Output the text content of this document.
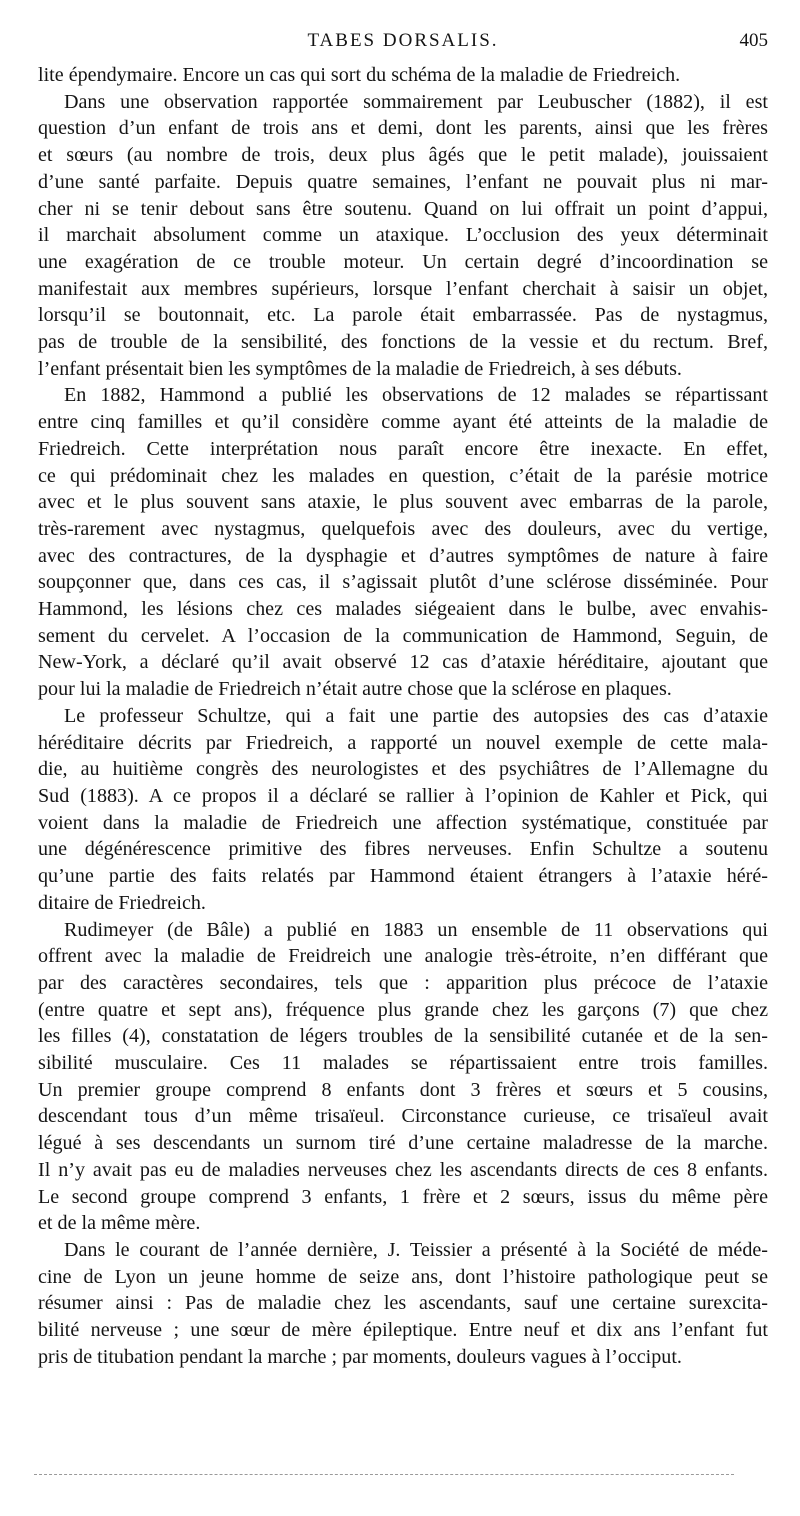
TABES DORSALIS.	405
lite épendymaire. Encore un cas qui sort du schéma de la maladie de Friedreich.
Dans une observation rapportée sommairement par Leubuscher (1882), il est
question d’un enfant de trois ans et demi, dont les parents, ainsi que les frères
et sœurs (au nombre de trois, deux plus âgés que le petit malade), jouissaient
d’une santé parfaite. Depuis quatre semaines, l’enfant ne pouvait plus ni mar-
cher ni se tenir debout sans être soutenu. Quand on lui offrait un point d’appui,
il marchait absolument comme un ataxique. L’occlusion des yeux déterminait
une exagération de ce trouble moteur. Un certain degré d’incoordination se
manifestait aux membres supérieurs, lorsque l’enfant cherchait à saisir un objet,
lorsqu’il se boutonnait, etc. La parole était embarrassée. Pas de nystagmus,
pas de trouble de la sensibilité, des fonctions de la vessie et du rectum. Bref,
l’enfant présentait bien les symptômes de la maladie de Friedreich, à ses débuts.
En 1882, Hammond a publié les observations de 12 malades se répartissant
entre cinq familles et qu’il considère comme ayant été atteints de la maladie de
Friedreich. Cette interprétation nous paraît encore être inexacte. En effet,
ce qui prédominait chez les malades en question, c’était de la parésie motrice
avec et le plus souvent sans ataxie, le plus souvent avec embarras de la parole,
très-rarement avec nystagmus, quelquefois avec des douleurs, avec du vertige,
avec des contractures, de la dysphagie et d’autres symptômes de nature à faire
soupçonner que, dans ces cas, il s’agissait plutôt d’une sclérose disséminée. Pour
Hammond, les lésions chez ces malades siégeaient dans le bulbe, avec envahis-
sement du cervelet. A l’occasion de la communication de Hammond, Seguin, de
New-York, a déclaré qu’il avait observé 12 cas d’ataxie héréditaire, ajoutant que
pour lui la maladie de Friedreich n’était autre chose que la sclérose en plaques.
Le professeur Schultze, qui a fait une partie des autopsies des cas d’ataxie
héréditaire décrits par Friedreich, a rapporté un nouvel exemple de cette mala-
die, au huitième congrès des neurologistes et des psychiâtres de l’Allemagne du
Sud (1883). A ce propos il a déclaré se rallier à l’opinion de Kahler et Pick, qui
voient dans la maladie de Friedreich une affection systématique, constituée par
une dégénérescence primitive des fibres nerveuses. Enfin Schultze a soutenu
qu’une partie des faits relatés par Hammond étaient étrangers à l’ataxie héré-
ditaire de Friedreich.
Rudimeyer (de Bâle) a publié en 1883 un ensemble de 11 observations qui
offrent avec la maladie de Freidreich une analogie très-étroite, n’en différant que
par des caractères secondaires, tels que : apparition plus précoce de l’ataxie
(entre quatre et sept ans), fréquence plus grande chez les garçons (7) que chez
les filles (4), constatation de légers troubles de la sensibilité cutanée et de la sen-
sibilité musculaire. Ces 11 malades se répartissaient entre trois familles.
Un premier groupe comprend 8 enfants dont 3 frères et sœurs et 5 cousins,
descendant tous d’un même trisaïeul. Circonstance curieuse, ce trisaïeul avait
légué à ses descendants un surnom tiré d’une certaine maladresse de la marche.
Il n’y avait pas eu de maladies nerveuses chez les ascendants directs de ces 8 enfants.
Le second groupe comprend 3 enfants, 1 frère et 2 sœurs, issus du même père
et de la même mère.
Dans le courant de l’année dernière, J. Teissier a présenté à la Société de méde-
cine de Lyon un jeune homme de seize ans, dont l’histoire pathologique peut se
résumer ainsi : Pas de maladie chez les ascendants, sauf une certaine surexcita-
bilité nerveuse ; une sœur de mère épileptique. Entre neuf et dix ans l’enfant fut
pris de titubation pendant la marche ; par moments, douleurs vagues à l’occiput.
